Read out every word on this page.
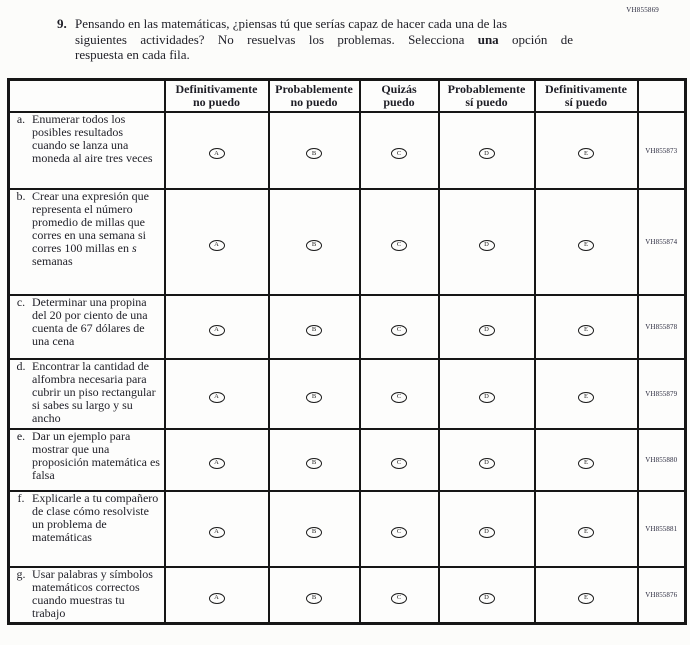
VH855869
9. Pensando en las matemáticas, ¿piensas tú que serías capaz de hacer cada una de las
siguientes actividades? No resuelvas los problemas. Selecciona una opción de
respuesta en cada fila.

Definitivamente
no puedo

Probablemente
no puedo

Quizás
puedo

Probablemente
sí puedo

Definitivamente
sí puedo

a. Enumerar todos los posibles resultados cuando se lanza una moneda al aire tres veces	A	B	C	D	E	VH855873

b. Crear una expresión que representa el número promedio de millas que corres en una semana si corres 100 millas en s semanas	A	B	C	D	E	VH855874

c. Determinar una propina del 20 por ciento de una cuenta de 67 dólares de una cena	A	B	C	D	E	VH855878

d. Encontrar la cantidad de alfombra necesaria para cubrir un piso rectangular si sabes su largo y su ancho	A	B	C	D	E	VH855879

e. Dar un ejemplo para mostrar que una proposición matemática es falsa	A	B	C	D	E	VH855880

f. Explicarle a tu compañero de clase cómo resolviste un problema de matemáticas	A	B	C	D	E	VH855881

g. Usar palabras y símbolos matemáticos correctos cuando muestras tu trabajo	A	B	C	D	E	VH855876
